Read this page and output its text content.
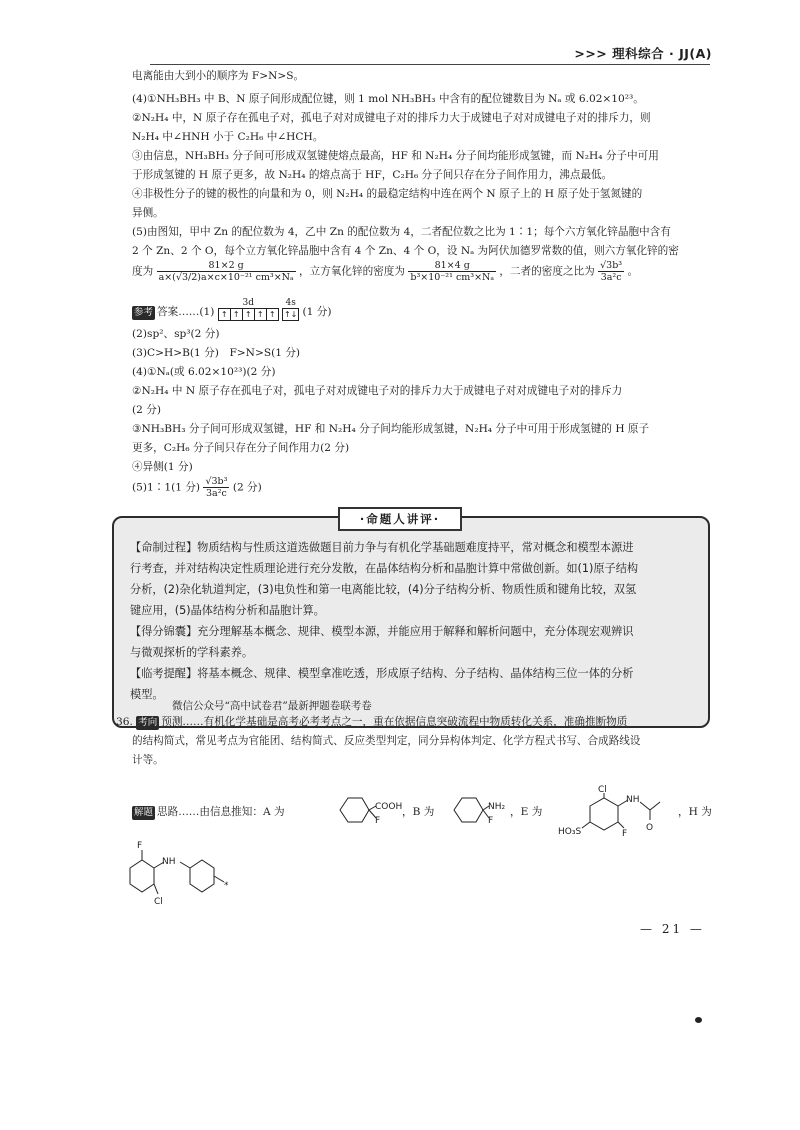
>>> 理科综合 · JJ(A)
电离能由大到小的顺序为 F>N>S。
(4)①NH₃BH₃ 中 B、N 原子间形成配位键，则 1 mol NH₃BH₃ 中含有的配位键数目为 Nₐ 或 6.02×10²³。
②N₂H₄ 中，N 原子存在孤电子对，孤电子对对成键电子对的排斥力大于成键电子对对成键电子对的排斥力，则
N₂H₄ 中∠HNH 小于 C₂H₆ 中∠HCH。
③由信息，NH₃BH₃ 分子间可形成双氢键使熔点最高，HF 和 N₂H₄ 分子间均能形成氢键，而 N₂H₄ 分子中可用
于形成氢键的 H 原子更多，故 N₂H₄ 的熔点高于 HF，C₂H₆ 分子间只存在分子间作用力，沸点最低。
④非极性分子的键的极性的向量和为 0，则 N₂H₄ 的最稳定结构中连在两个 N 原子上的 H 原子处于氢氮键的
异侧。
(5)由图知，甲中 Zn 的配位数为 4，乙中 Zn 的配位数为 4，二者配位数之比为 1∶1；每个六方氧化锌晶胞中含有
2 个 Zn、2 个 O，每个立方氧化锌晶胞中含有 4 个 Zn、4 个 O，设 Nₐ 为阿伏加德罗常数的值，则六方氧化锌的密
度为 $\frac{81\times 2 g}{\text{a×(√3/2)a×c×10⁻²¹ cm³×Nₐ}}$ ，立方氧化锌的密度为 $\frac{81\times 4 g}{\text{b³×10⁻²¹ cm³×Nₐ}}$ ，二者的密度之比为 $\frac{\text{√3b³}}{\text{3a²c}}$ 。
参考 答案……(1)
3d
↑ ↑ ↑ ↑ ↑

4s
↑↓ (1 分)
(2)sp²、sp³(2 分)
(3)C>H>B(1 分)　F>N>S(1 分)
(4)①Nₐ(或 6.02×10²³)(2 分)
②N₂H₄ 中 N 原子存在孤电子对，孤电子对对成键电子对的排斥力大于成键电子对对成键电子对的排斥力
(2 分)
③NH₃BH₃ 分子间可形成双氢键，HF 和 N₂H₄ 分子间均能形成氢键，N₂H₄ 分子中可用于形成氢键的 H 原子
更多，C₂H₆ 分子间只存在分子间作用力(2 分)
④异侧(1 分)
(5)1∶1(1 分) $\frac{\text{√3b³}}{\text{3a²c}} (2$ 分)
·命题人讲评·
【命制过程】物质结构与性质这道选做题目前力争与有机化学基础题难度持平，常对概念和模型本源进
行考查，并对结构决定性质理论进行充分发散，在晶体结构分析和晶胞计算中常做创新。如(1)原子结构
分析，(2)杂化轨道判定，(3)电负性和第一电离能比较，(4)分子结构分析、物质性质和键角比较，双氢
键应用，(5)晶体结构分析和晶胞计算。
【得分锦囊】充分理解基本概念、规律、模型本源，并能应用于解释和解析问题中，充分体现宏观辨识
与微观探析的学科素养。
【临考提醒】将基本概念、规律、模型拿准吃透，形成原子结构、分子结构、晶体结构三位一体的分析
模型。
微信公众号“高中试卷君”最新押题卷联考卷
36. 考向 预测……有机化学基础是高考必考考点之一，重在依据信息突破流程中物质转化关系，准确推断物质
的结构简式，常见考点为官能团、结构简式、反应类型判定，同分异构体判定、化学方程式书写、合成路线设
计等。
解题 思路……由信息推知：A 为	COOH
F
，B 为	NH₂
F
，E 为
Cl
NH
O
HO₃S	F
，H 为
F
NH
Cl
*
— 21 —
